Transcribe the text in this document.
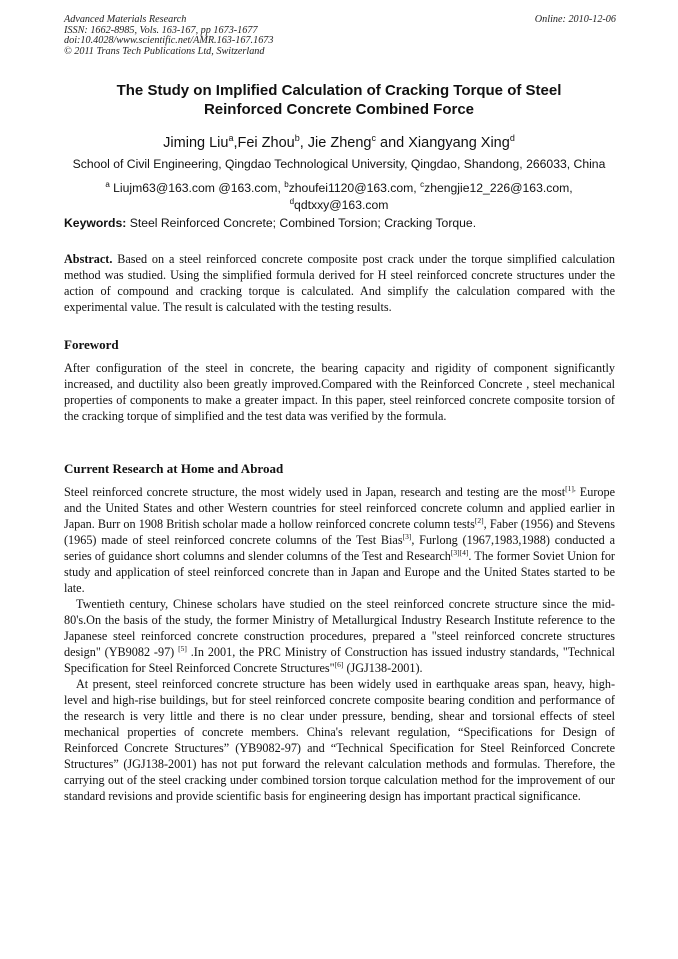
Advanced Materials Research
ISSN: 1662-8985, Vols. 163-167, pp 1673-1677
doi:10.4028/www.scientific.net/AMR.163-167.1673
© 2011 Trans Tech Publications Ltd, Switzerland
Online: 2010-12-06
The Study on Implified Calculation of Cracking Torque of Steel
Reinforced Concrete Combined Force
Jiming Liu$^a$,Fei Zhou$^b$, Jie Zheng$^c$ and Xiangyang Xing$^d$
School of Civil Engineering, Qingdao Technological University, Qingdao, Shandong, 266033, China
$^a$ Liujm63@163.com @163.com, $^b$zhoufei1120@163.com, $^c$zhengjie12_226@163.com,
$^d$qdtxxy@163.com
Keywords: Steel Reinforced Concrete; Combined Torsion; Cracking Torque.
Abstract. Based on a steel reinforced concrete composite post crack under the torque simplified calculation method was studied. Using the simplified formula derived for H steel reinforced concrete structures under the action of compound and cracking torque is calculated. And simplify the calculation compared with the experimental value. The result is calculated with the testing results.
Foreword
After configuration of the steel in concrete, the bearing capacity and rigidity of component significantly increased, and ductility also been greatly improved.Compared with the Reinforced Concrete , steel mechanical properties of components to make a greater impact. In this paper, steel reinforced concrete composite torsion of the cracking torque of simplified and the test data was verified by the formula.
Current Research at Home and Abroad

Steel reinforced concrete structure, the most widely used in Japan, research and testing are the most$^{[1],}$ Europe and the United States and other Western countries for steel reinforced concrete column and applied earlier in Japan. Burr on 1908 British scholar made a hollow reinforced concrete column tests[2], Faber (1956) and Stevens (1965) made of steel reinforced concrete columns of the Test Bias[3], Furlong (1967,1983,1988) conducted a series of guidance short columns and slender columns of the Test and Research[3][4]. The former Soviet Union for study and application of steel reinforced concrete than in Japan and Europe and the United States started to be late.

Twentieth century, Chinese scholars have studied on the steel reinforced concrete structure since the mid-80's.On the basis of the study, the former Ministry of Metallurgical Industry Research Institute reference to the Japanese steel reinforced concrete construction procedures, prepared a "steel reinforced concrete structures design" (YB9082 -97) [5] .In 2001, the PRC Ministry of Construction has issued industry standards, "Technical Specification for Steel Reinforced Concrete Structures"[6] (JGJ138-2001).

At present, steel reinforced concrete structure has been widely used in earthquake areas span, heavy, high-level and high-rise buildings, but for steel reinforced concrete composite bearing condition and performance of the research is very little and there is no clear under pressure, bending, shear and torsional effects of steel mechanical properties of concrete members. China's relevant regulation, “Specifications for Design of Reinforced Concrete Structures” (YB9082-97) and “Technical Specification for Steel Reinforced Concrete Structures” (JGJ138-2001) has not put forward the relevant calculation methods and formulas. Therefore, the carrying out of the steel cracking under combined torsion torque calculation method for the improvement of our standard revisions and provide scientific basis for engineering design has important practical significance.
